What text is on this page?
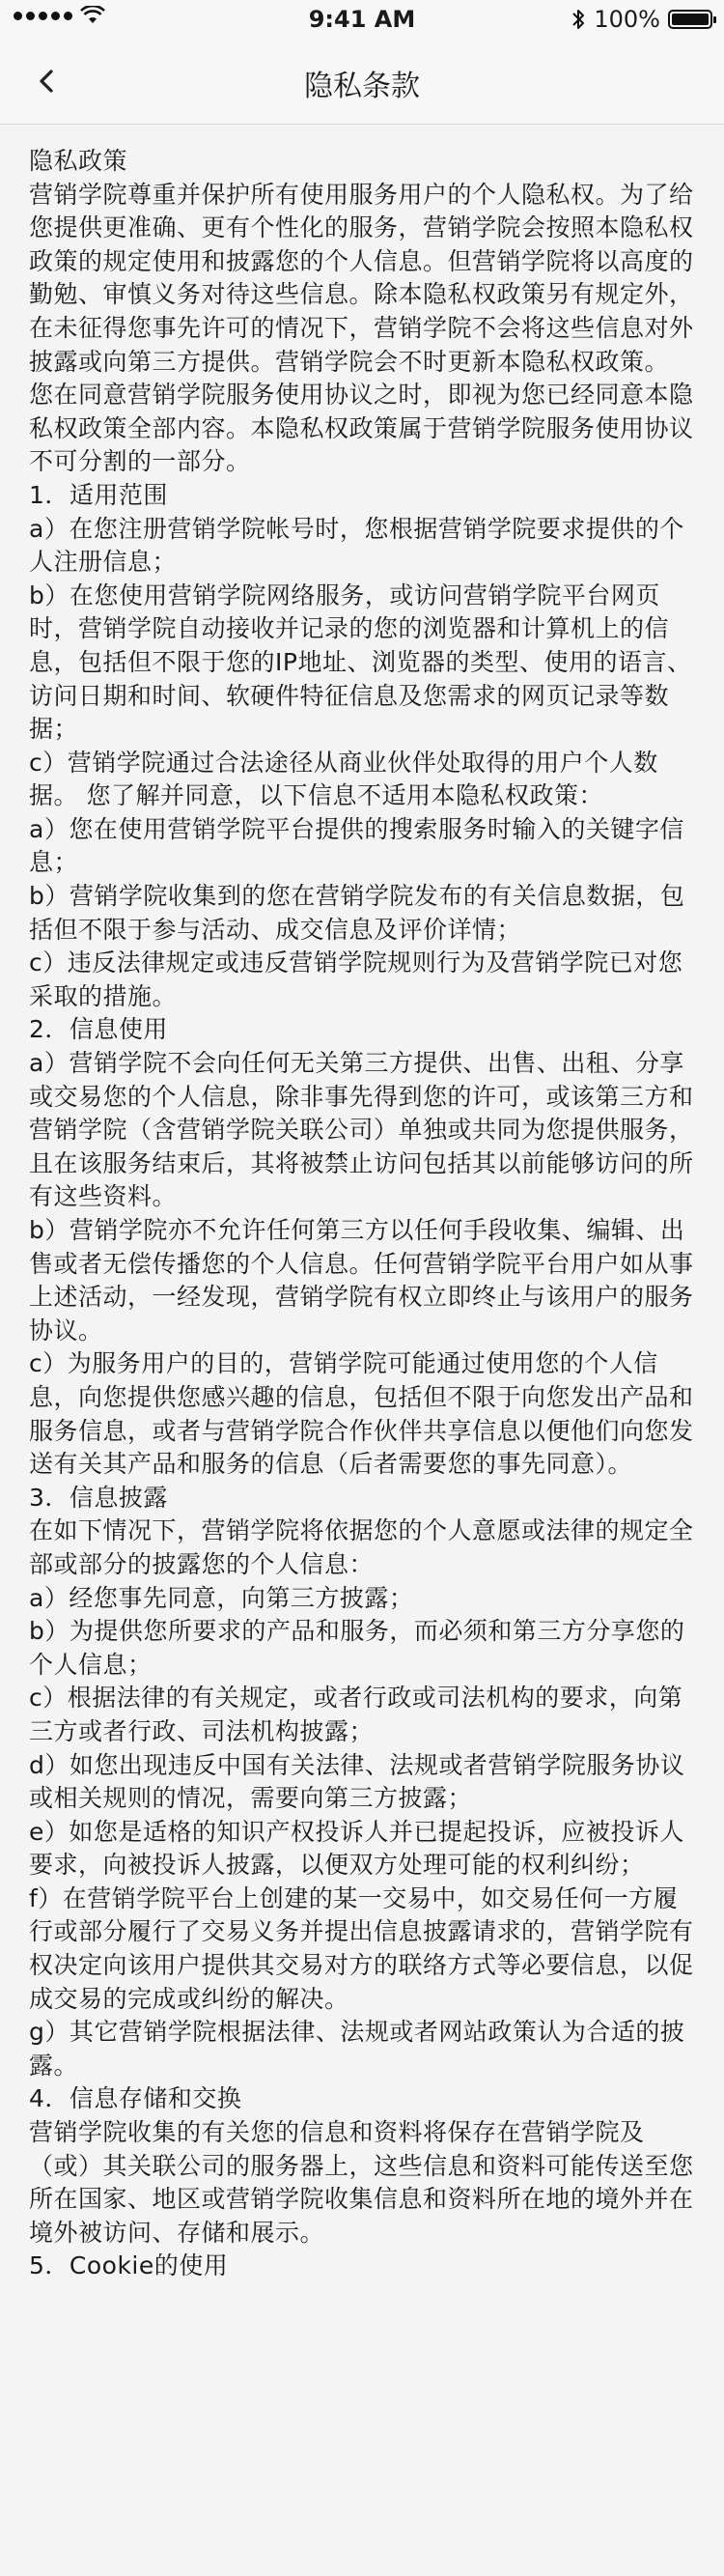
9:41 AM	100%
隐私条款

隐私政策

营销学院尊重并保护所有使用服务用户的个人隐私权。为了给您提供更准确、更有个性化的服务，营销学院会按照本隐私权政策的规定使用和披露您的个人信息。但营销学院将以高度的勤勉、审慎义务对待这些信息。除本隐私权政策另有规定外，在未征得您事先许可的情况下，营销学院不会将这些信息对外披露或向第三方提供。营销学院会不时更新本隐私权政策。 您在同意营销学院服务使用协议之时，即视为您已经同意本隐私权政策全部内容。本隐私权政策属于营销学院服务使用协议不可分割的一部分。

1．适用范围

a）在您注册营销学院帐号时，您根据营销学院要求提供的个人注册信息；

b）在您使用营销学院网络服务，或访问营销学院平台网页时，营销学院自动接收并记录的您的浏览器和计算机上的信息，包括但不限于您的IP地址、浏览器的类型、使用的语言、访问日期和时间、软硬件特征信息及您需求的网页记录等数据；

c）营销学院通过合法途径从商业伙伴处取得的用户个人数据。 您了解并同意，以下信息不适用本隐私权政策：

a）您在使用营销学院平台提供的搜索服务时输入的关键字信息；

b）营销学院收集到的您在营销学院发布的有关信息数据，包括但不限于参与活动、成交信息及评价详情；

c）违反法律规定或违反营销学院规则行为及营销学院已对您采取的措施。

2．信息使用

a）营销学院不会向任何无关第三方提供、出售、出租、分享或交易您的个人信息，除非事先得到您的许可，或该第三方和营销学院（含营销学院关联公司）单独或共同为您提供服务，且在该服务结束后，其将被禁止访问包括其以前能够访问的所有这些资料。

b）营销学院亦不允许任何第三方以任何手段收集、编辑、出售或者无偿传播您的个人信息。任何营销学院平台用户如从事上述活动，一经发现，营销学院有权立即终止与该用户的服务协议。

c）为服务用户的目的，营销学院可能通过使用您的个人信息，向您提供您感兴趣的信息，包括但不限于向您发出产品和服务信息，或者与营销学院合作伙伴共享信息以便他们向您发送有关其产品和服务的信息（后者需要您的事先同意）。

3．信息披露

在如下情况下，营销学院将依据您的个人意愿或法律的规定全部或部分的披露您的个人信息：

a）经您事先同意，向第三方披露；

b）为提供您所要求的产品和服务，而必须和第三方分享您的个人信息；

c）根据法律的有关规定，或者行政或司法机构的要求，向第三方或者行政、司法机构披露；

d）如您出现违反中国有关法律、法规或者营销学院服务协议或相关规则的情况，需要向第三方披露；

e）如您是适格的知识产权投诉人并已提起投诉，应被投诉人要求，向被投诉人披露，以便双方处理可能的权利纠纷；

f）在营销学院平台上创建的某一交易中，如交易任何一方履行或部分履行了交易义务并提出信息披露请求的，营销学院有权决定向该用户提供其交易对方的联络方式等必要信息，以促成交易的完成或纠纷的解决。

g）其它营销学院根据法律、法规或者网站政策认为合适的披露。

4．信息存储和交换

营销学院收集的有关您的信息和资料将保存在营销学院及（或）其关联公司的服务器上，这些信息和资料可能传送至您所在国家、地区或营销学院收集信息和资料所在地的境外并在境外被访问、存储和展示。

5．Cookie的使用
